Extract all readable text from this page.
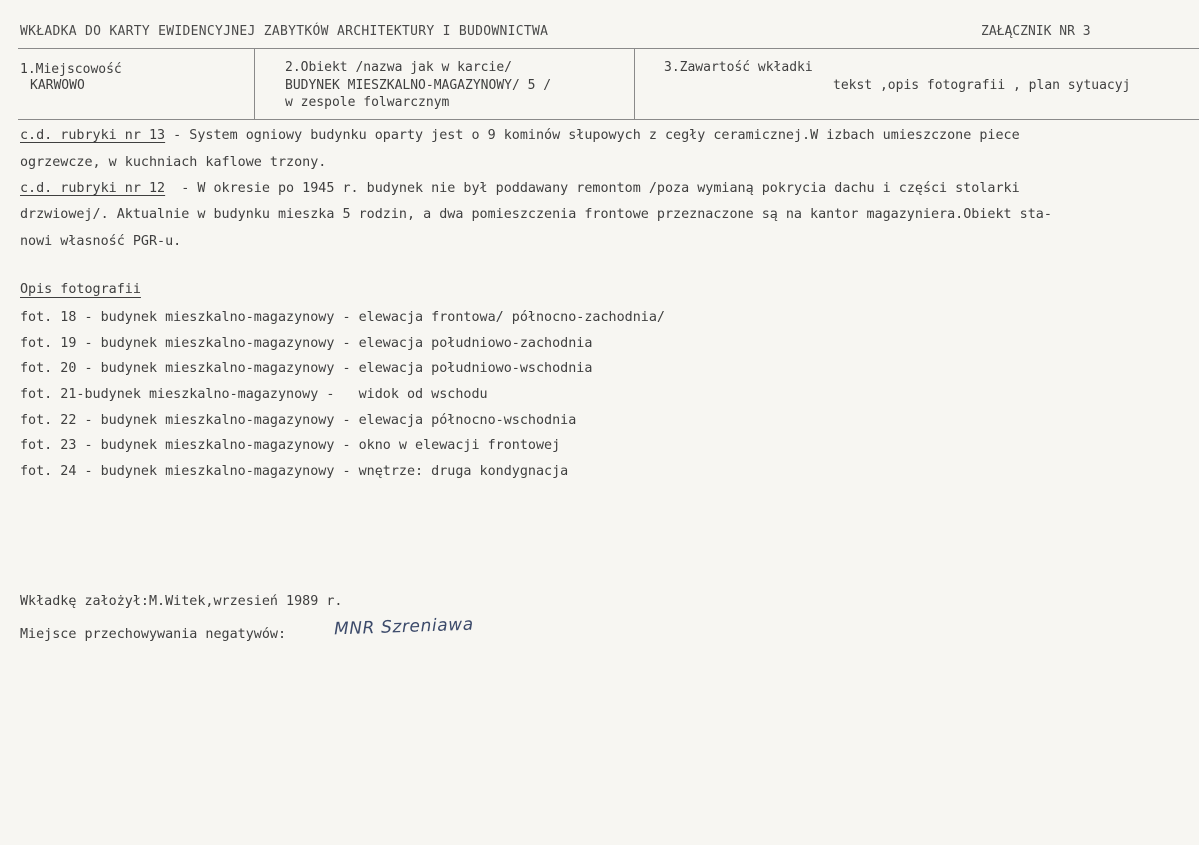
WKŁADKA DO KARTY EWIDENCYJNEJ ZABYTKÓW ARCHITEKTURY I BUDOWNICTWA	ZAŁĄCZNIK NR 3
1.Miejscowość
KARWOWO
2.Obiekt /nazwa jak w karcie/
BUDYNEK MIESZKALNO-MAGAZYNOWY/ 5 /
w zespole folwarcznym
3.Zawartość wkładki
tekst ,opis fotografii , plan sytuacyj
c.d. rubryki nr 13 - System ogniowy budynku oparty jest o 9 kominów słupowych z cegły ceramicznej.W izbach umieszczone piece
ogrzewcze, w kuchniach kaflowe trzony.
c.d. rubryki nr 12  - W okresie po 1945 r. budynek nie był poddawany remontom /poza wymianą pokrycia dachu i części stolarki
drzwiowej/. Aktualnie w budynku mieszka 5 rodzin, a dwa pomieszczenia frontowe przeznaczone są na kantor magazyniera.Obiekt sta-
nowi własność PGR-u.
Opis fotografii
fot. 18 - budynek mieszkalno-magazynowy - elewacja frontowa/ północno-zachodnia/
fot. 19 - budynek mieszkalno-magazynowy - elewacja południowo-zachodnia
fot. 20 - budynek mieszkalno-magazynowy - elewacja południowo-wschodnia
fot. 21-budynek mieszkalno-magazynowy -   widok od wschodu
fot. 22 - budynek mieszkalno-magazynowy - elewacja północno-wschodnia
fot. 23 - budynek mieszkalno-magazynowy - okno w elewacji frontowej
fot. 24 - budynek mieszkalno-magazynowy - wnętrze: druga kondygnacja
Wkładkę założył:M.Witek,wrzesień 1989 r.
Miejsce przechowywania negatywów:	MNR Szreniawa
